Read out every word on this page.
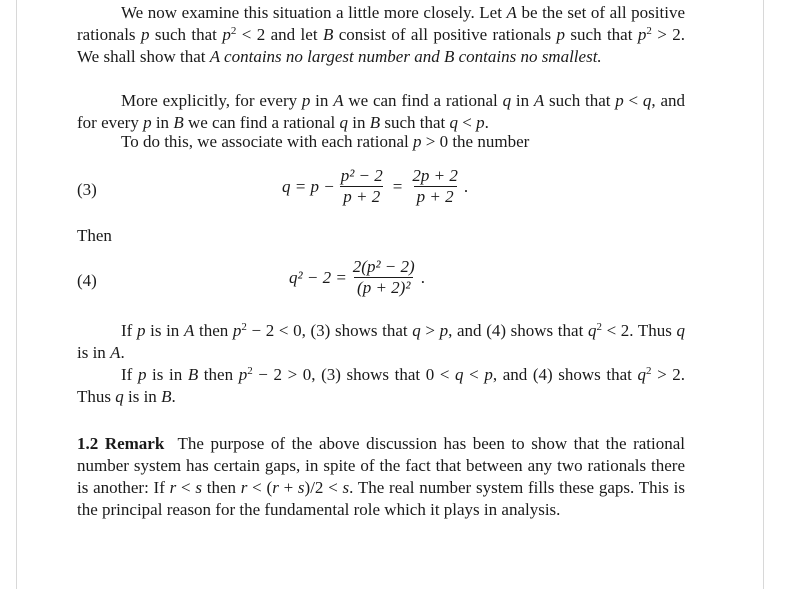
We now examine this situation a little more closely. Let A be the set of all positive rationals p such that $p^2 < 2$ and let B consist of all positive rationals p such that $p^2 > 2$. We shall show that A contains no largest number and B contains no smallest.

More explicitly, for every p in A we can find a rational q in A such that p < q, and for every p in B we can find a rational q in B such that q < p.

To do this, we associate with each rational p > 0 the number

(3)	$q = p - \frac{\text{p² − 2}}{p + 2} = \frac{2p + 2}{p + 2}$ .
Then
(4)	$q^2 - 2 = \frac{\text{2(p² − 2)}}{\text{(p + 2)²}}$ .

If p is in A then $p^2 - 2 < 0$, (3) shows that q > p, and (4) shows that $q^2 < 2$. Thus q is in A.

If p is in B then $p^2 - 2 > 0$, (3) shows that 0 < q < p, and (4) shows that $q^2 > 2$. Thus q is in B.

1.2 Remark The purpose of the above discussion has been to show that the rational number system has certain gaps, in spite of the fact that between any two rationals there is another: If r < s then r < (r + s)/2 < s. The real number system fills these gaps. This is the principal reason for the fundamental role which it plays in analysis.
